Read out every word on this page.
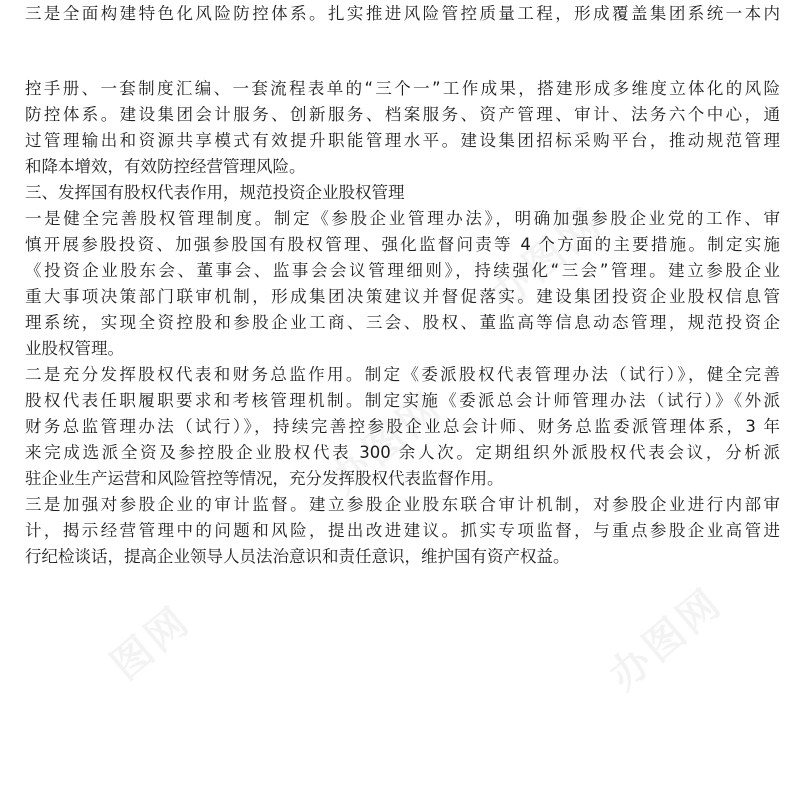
办图网
办图网
办图网
图网
三是全面构建特色化风险防控体系。扎实推进风险管控质量工程，形成覆盖集团系统一本内
控手册、一套制度汇编、一套流程表单的“三个一”工作成果，搭建形成多维度立体化的风险
防控体系。建设集团会计服务、创新服务、档案服务、资产管理、审计、法务六个中心，通
过管理输出和资源共享模式有效提升职能管理水平。建设集团招标采购平台，推动规范管理
和降本增效，有效防控经营管理风险。
三、发挥国有股权代表作用，规范投资企业股权管理
一是健全完善股权管理制度。制定《参股企业管理办法》，明确加强参股企业党的工作、审
慎开展参股投资、加强参股国有股权管理、强化监督问责等 4 个方面的主要措施。制定实施
《投资企业股东会、董事会、监事会会议管理细则》，持续强化“三会”管理。建立参股企业
重大事项决策部门联审机制，形成集团决策建议并督促落实。建设集团投资企业股权信息管
理系统，实现全资控股和参股企业工商、三会、股权、董监高等信息动态管理，规范投资企
业股权管理。
二是充分发挥股权代表和财务总监作用。制定《委派股权代表管理办法（试行）》，健全完善
股权代表任职履职要求和考核管理机制。制定实施《委派总会计师管理办法（试行）》《外派
财务总监管理办法（试行）》，持续完善控参股企业总会计师、财务总监委派管理体系，3 年
来完成选派全资及参控股企业股权代表 300 余人次。定期组织外派股权代表会议，分析派
驻企业生产运营和风险管控等情况，充分发挥股权代表监督作用。
三是加强对参股企业的审计监督。建立参股企业股东联合审计机制，对参股企业进行内部审
计，揭示经营管理中的问题和风险，提出改进建议。抓实专项监督，与重点参股企业高管进
行纪检谈话，提高企业领导人员法治意识和责任意识，维护国有资产权益。
